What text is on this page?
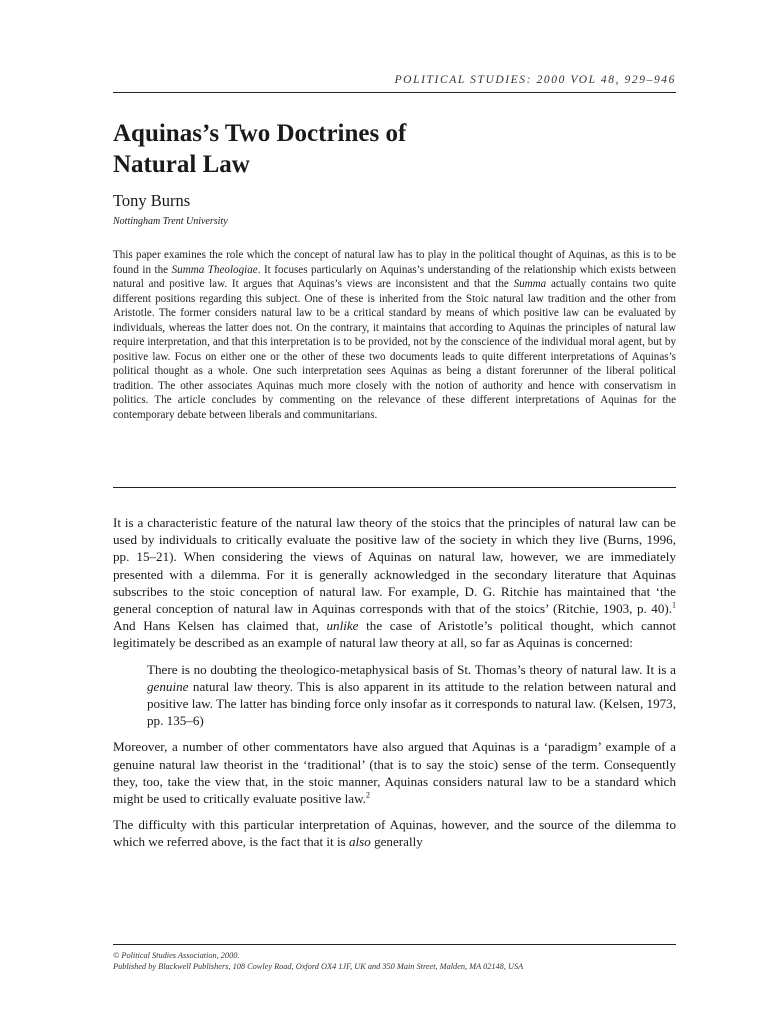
POLITICAL STUDIES: 2000 VOL 48, 929–946
Aquinas’s Two Doctrines of
Natural Law
Tony Burns
Nottingham Trent University

This paper examines the role which the concept of natural law has to play in the political thought of Aquinas, as this is to be found in the Summa Theologiae. It focuses particularly on Aquinas’s understanding of the relationship which exists between natural and positive law. It argues that Aquinas’s views are inconsistent and that the Summa actually contains two quite different positions regarding this subject. One of these is inherited from the Stoic natural law tradition and the other from Aristotle. The former considers natural law to be a critical standard by means of which positive law can be evaluated by individuals, whereas the latter does not. On the contrary, it maintains that according to Aquinas the principles of natural law require interpretation, and that this interpretation is to be provided, not by the conscience of the individual moral agent, but by positive law. Focus on either one or the other of these two documents leads to quite different interpretations of Aquinas’s political thought as a whole. One such interpretation sees Aquinas as being a distant forerunner of the liberal political tradition. The other associates Aquinas much more closely with the notion of authority and hence with conservatism in politics. The article concludes by commenting on the relevance of these different interpretations of Aquinas for the contemporary debate between liberals and communitarians.

It is a characteristic feature of the natural law theory of the stoics that the principles of natural law can be used by individuals to critically evaluate the positive law of the society in which they live (Burns, 1996, pp. 15–21). When considering the views of Aquinas on natural law, however, we are immediately presented with a dilemma. For it is generally acknowledged in the secondary literature that Aquinas subscribes to the stoic conception of natural law. For example, D. G. Ritchie has maintained that ‘the general conception of natural law in Aquinas corresponds with that of the stoics’ (Ritchie, 1903, p. 40).$^1$ And Hans Kelsen has claimed that, unlike the case of Aristotle’s political thought, which cannot legitimately be described as an example of natural law theory at all, so far as Aquinas is concerned:

There is no doubting the theologico-metaphysical basis of St. Thomas’s theory of natural law. It is a genuine natural law theory. This is also apparent in its attitude to the relation between natural and positive law. The latter has binding force only insofar as it corresponds to natural law. (Kelsen, 1973, pp. 135–6)

Moreover, a number of other commentators have also argued that Aquinas is a ‘paradigm’ example of a genuine natural law theorist in the ‘traditional’ (that is to say the stoic) sense of the term. Consequently they, too, take the view that, in the stoic manner, Aquinas considers natural law to be a standard which might be used to critically evaluate positive law.$^2$

The difficulty with this particular interpretation of Aquinas, however, and the source of the dilemma to which we referred above, is the fact that it is also generally

© Political Studies Association, 2000.
Published by Blackwell Publishers, 108 Cowley Road, Oxford OX4 1JF, UK and 350 Main Street, Malden, MA 02148, USA
